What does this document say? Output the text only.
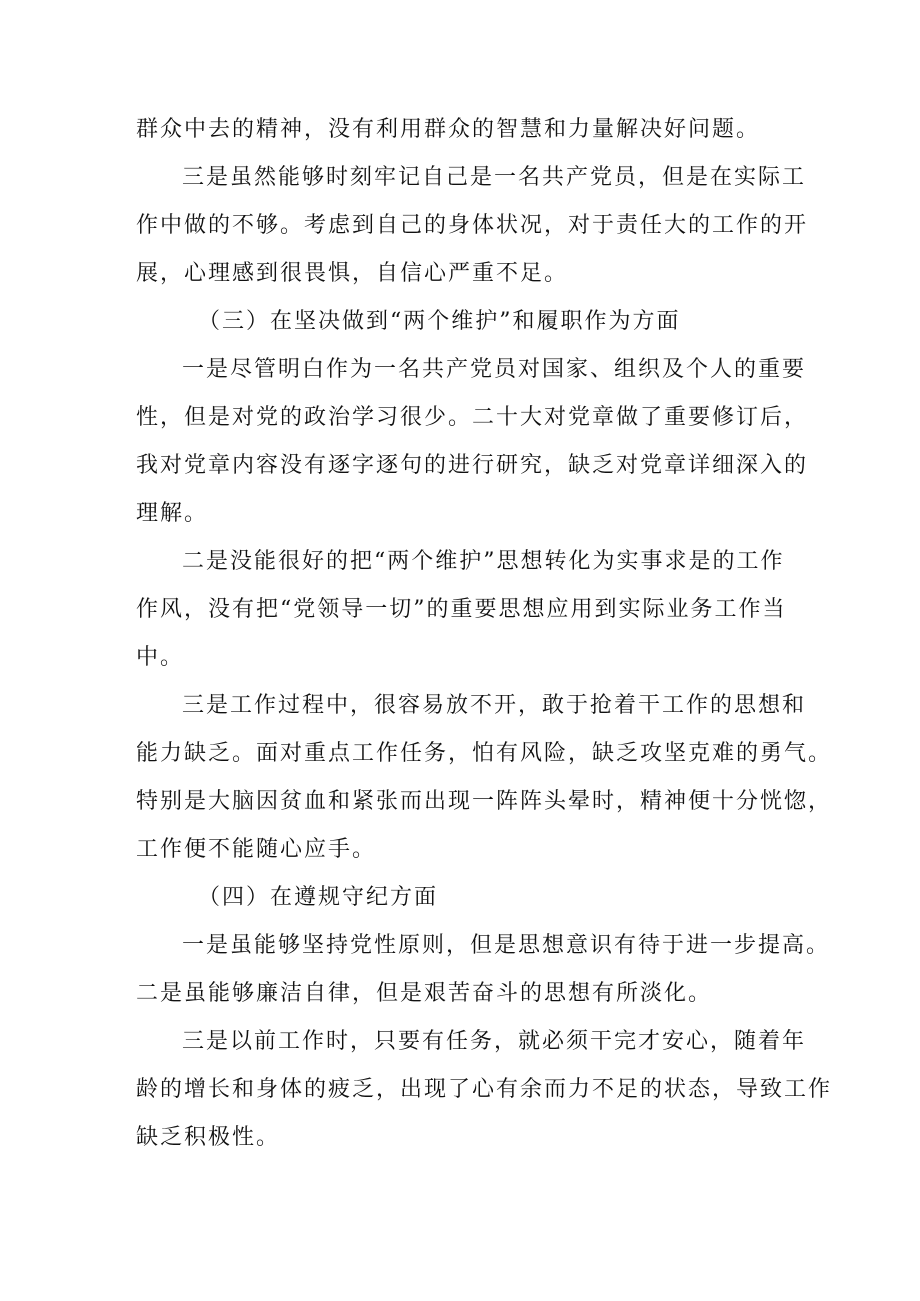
群众中去的精神，没有利用群众的智慧和力量解决好问题。
三是虽然能够时刻牢记自己是一名共产党员，但是在实际工
作中做的不够。考虑到自己的身体状况，对于责任大的工作的开
展，心理感到很畏惧，自信心严重不足。
（三）在坚决做到“两个维护”和履职作为方面
一是尽管明白作为一名共产党员对国家、组织及个人的重要
性，但是对党的政治学习很少。二十大对党章做了重要修订后，
我对党章内容没有逐字逐句的进行研究，缺乏对党章详细深入的
理解。
二是没能很好的把“两个维护”思想转化为实事求是的工作
作风，没有把“党领导一切”的重要思想应用到实际业务工作当
中。
三是工作过程中，很容易放不开，敢于抢着干工作的思想和
能力缺乏。面对重点工作任务，怕有风险，缺乏攻坚克难的勇气。
特别是大脑因贫血和紧张而出现一阵阵头晕时，精神便十分恍惚，
工作便不能随心应手。
（四）在遵规守纪方面
一是虽能够坚持党性原则，但是思想意识有待于进一步提高。
二是虽能够廉洁自律，但是艰苦奋斗的思想有所淡化。
三是以前工作时，只要有任务，就必须干完才安心，随着年
龄的增长和身体的疲乏，出现了心有余而力不足的状态，导致工作
缺乏积极性。
